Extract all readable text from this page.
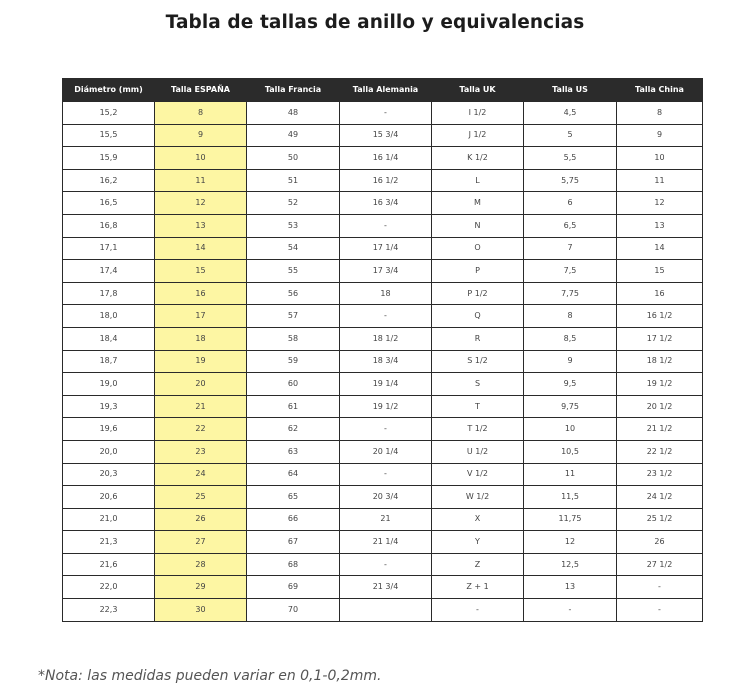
Tabla de tallas de anillo y equivalencias
Diámetro (mm)	Talla ESPAÑA	Talla Francia	Talla Alemania	Talla UK	Talla US	Talla China
15,2	8	48	-	I 1/2	4,5	8
15,5	9	49	15 3/4	J 1/2	5	9
15,9	10	50	16 1/4	K 1/2	5,5	10
16,2	11	51	16 1/2	L	5,75	11
16,5	12	52	16 3/4	M	6	12
16,8	13	53	-	N	6,5	13
17,1	14	54	17 1/4	O	7	14
17,4	15	55	17 3/4	P	7,5	15
17,8	16	56	18	P 1/2	7,75	16
18,0	17	57	-	Q	8	16 1/2
18,4	18	58	18 1/2	R	8,5	17 1/2
18,7	19	59	18 3/4	S 1/2	9	18 1/2
19,0	20	60	19 1/4	S	9,5	19 1/2
19,3	21	61	19 1/2	T	9,75	20 1/2
19,6	22	62	-	T 1/2	10	21 1/2
20,0	23	63	20 1/4	U 1/2	10,5	22 1/2
20,3	24	64	-	V 1/2	11	23 1/2
20,6	25	65	20 3/4	W 1/2	11,5	24 1/2
21,0	26	66	21	X	11,75	25 1/2
21,3	27	67	21 1/4	Y	12	26
21,6	28	68	-	Z	12,5	27 1/2
22,0	29	69	21 3/4	Z + 1	13	-
22,3	30	70		-	-	-
*Nota: las medidas pueden variar en 0,1-0,2mm.
